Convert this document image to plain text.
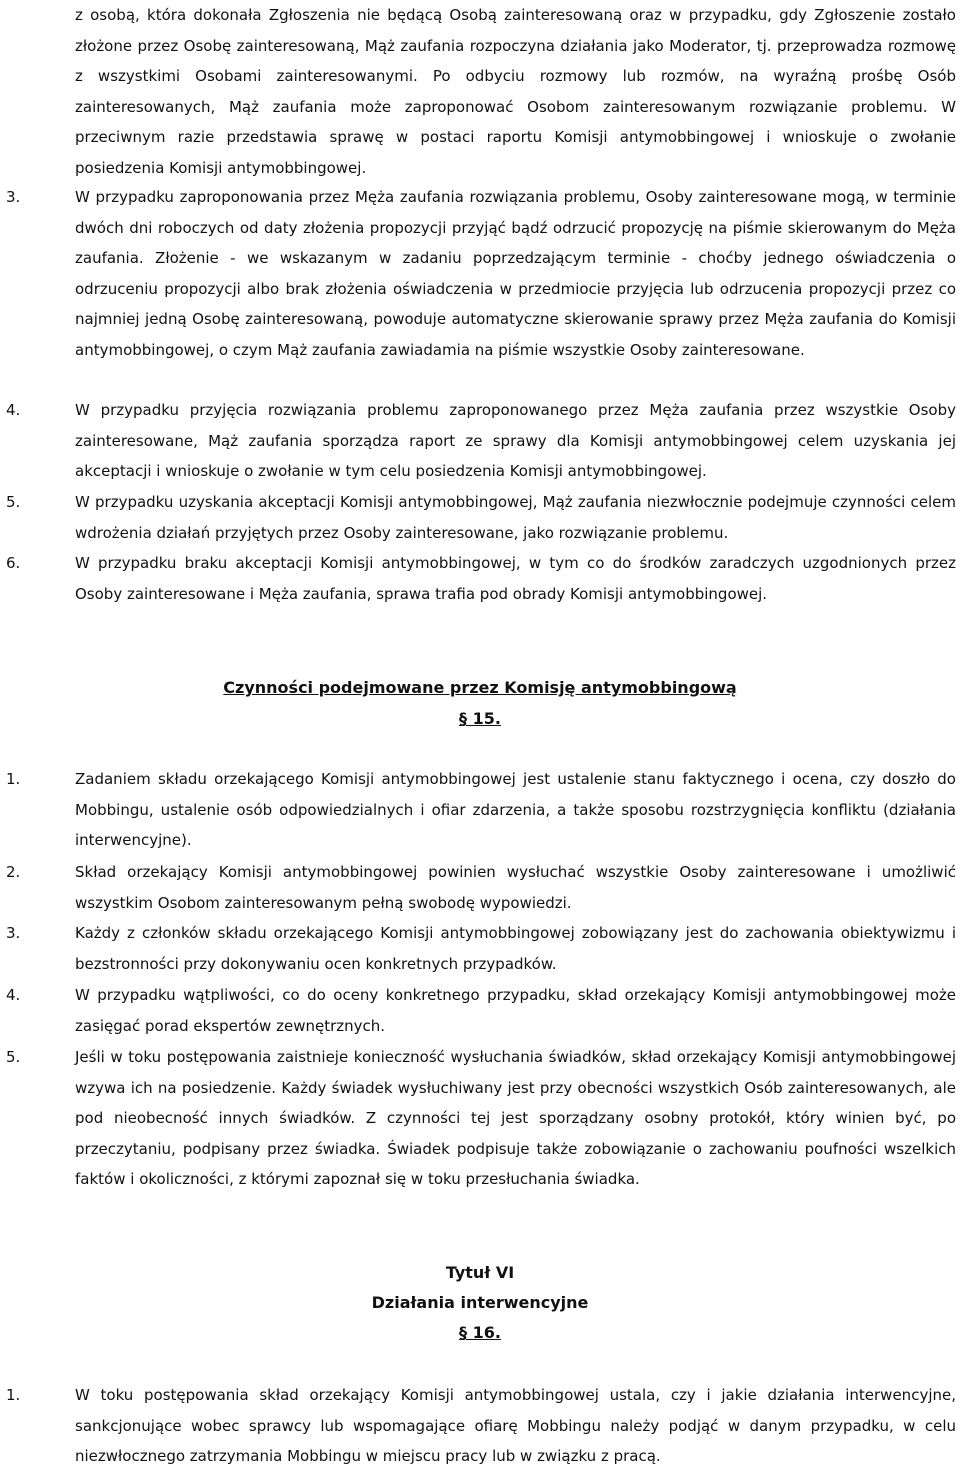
z osobą, która dokonała Zgłoszenia nie będącą Osobą zainteresowaną oraz w przypadku, gdy Zgłoszenie zostało złożone przez Osobę zainteresowaną, Mąż zaufania rozpoczyna działania jako Moderator, tj. przeprowadza rozmowę z wszystkimi Osobami zainteresowanymi. Po odbyciu rozmowy lub rozmów, na wyraźną prośbę Osób zainteresowanych, Mąż zaufania może zaproponować Osobom zainteresowanym rozwiązanie problemu. W przeciwnym razie przedstawia sprawę w postaci raportu Komisji antymobbingowej i wnioskuje o zwołanie posiedzenia Komisji antymobbingowej.

3.	W przypadku zaproponowania przez Męża zaufania rozwiązania problemu, Osoby zainteresowane mogą, w terminie dwóch dni roboczych od daty złożenia propozycji przyjąć bądź odrzucić propozycję na piśmie skierowanym do Męża zaufania. Złożenie - we wskazanym w zadaniu poprzedzającym terminie - choćby jednego oświadczenia o odrzuceniu propozycji albo brak złożenia oświadczenia w przedmiocie przyjęcia lub odrzucenia propozycji przez co najmniej jedną Osobę zainteresowaną, powoduje automatyczne skierowanie sprawy przez Męża zaufania do Komisji antymobbingowej, o czym Mąż zaufania zawiadamia na piśmie wszystkie Osoby zainteresowane.

4.	W przypadku przyjęcia rozwiązania problemu zaproponowanego przez Męża zaufania przez wszystkie Osoby zainteresowane, Mąż zaufania sporządza raport ze sprawy dla Komisji antymobbingowej celem uzyskania jej akceptacji i wnioskuje o zwołanie w tym celu posiedzenia Komisji antymobbingowej.

5.	W przypadku uzyskania akceptacji Komisji antymobbingowej, Mąż zaufania niezwłocznie podejmuje czynności celem wdrożenia działań przyjętych przez Osoby zainteresowane, jako rozwiązanie problemu.

6.	W przypadku braku akceptacji Komisji antymobbingowej, w tym co do środków zaradczych uzgodnionych przez Osoby zainteresowane i Męża zaufania, sprawa trafia pod obrady Komisji antymobbingowej.

Czynności podejmowane przez Komisję antymobbingową

§ 15.

1.	Zadaniem składu orzekającego Komisji antymobbingowej jest ustalenie stanu faktycznego i ocena, czy doszło do Mobbingu, ustalenie osób odpowiedzialnych i ofiar zdarzenia, a także sposobu rozstrzygnięcia konfliktu (działania interwencyjne).

2.	Skład orzekający Komisji antymobbingowej powinien wysłuchać wszystkie Osoby zainteresowane i umożliwić wszystkim Osobom zainteresowanym pełną swobodę wypowiedzi.

3.	Każdy z członków składu orzekającego Komisji antymobbingowej zobowiązany jest do zachowania obiektywizmu i bezstronności przy dokonywaniu ocen konkretnych przypadków.

4.	W przypadku wątpliwości, co do oceny konkretnego przypadku, skład orzekający Komisji antymobbingowej może zasięgać porad ekspertów zewnętrznych.

5.	Jeśli w toku postępowania zaistnieje konieczność wysłuchania świadków, skład orzekający Komisji antymobbingowej wzywa ich na posiedzenie. Każdy świadek wysłuchiwany jest przy obecności wszystkich Osób zainteresowanych, ale pod nieobecność innych świadków. Z czynności tej jest sporządzany osobny protokół, który winien być, po przeczytaniu, podpisany przez świadka. Świadek podpisuje także zobowiązanie o zachowaniu poufności wszelkich faktów i okoliczności, z którymi zapoznał się w toku przesłuchania świadka.

Tytuł VI

Działania interwencyjne

§ 16.

1.	W toku postępowania skład orzekający Komisji antymobbingowej ustala, czy i jakie działania interwencyjne, sankcjonujące wobec sprawcy lub wspomagające ofiarę Mobbingu należy podjąć w danym przypadku, w celu niezwłocznego zatrzymania Mobbingu w miejscu pracy lub w związku z pracą.
